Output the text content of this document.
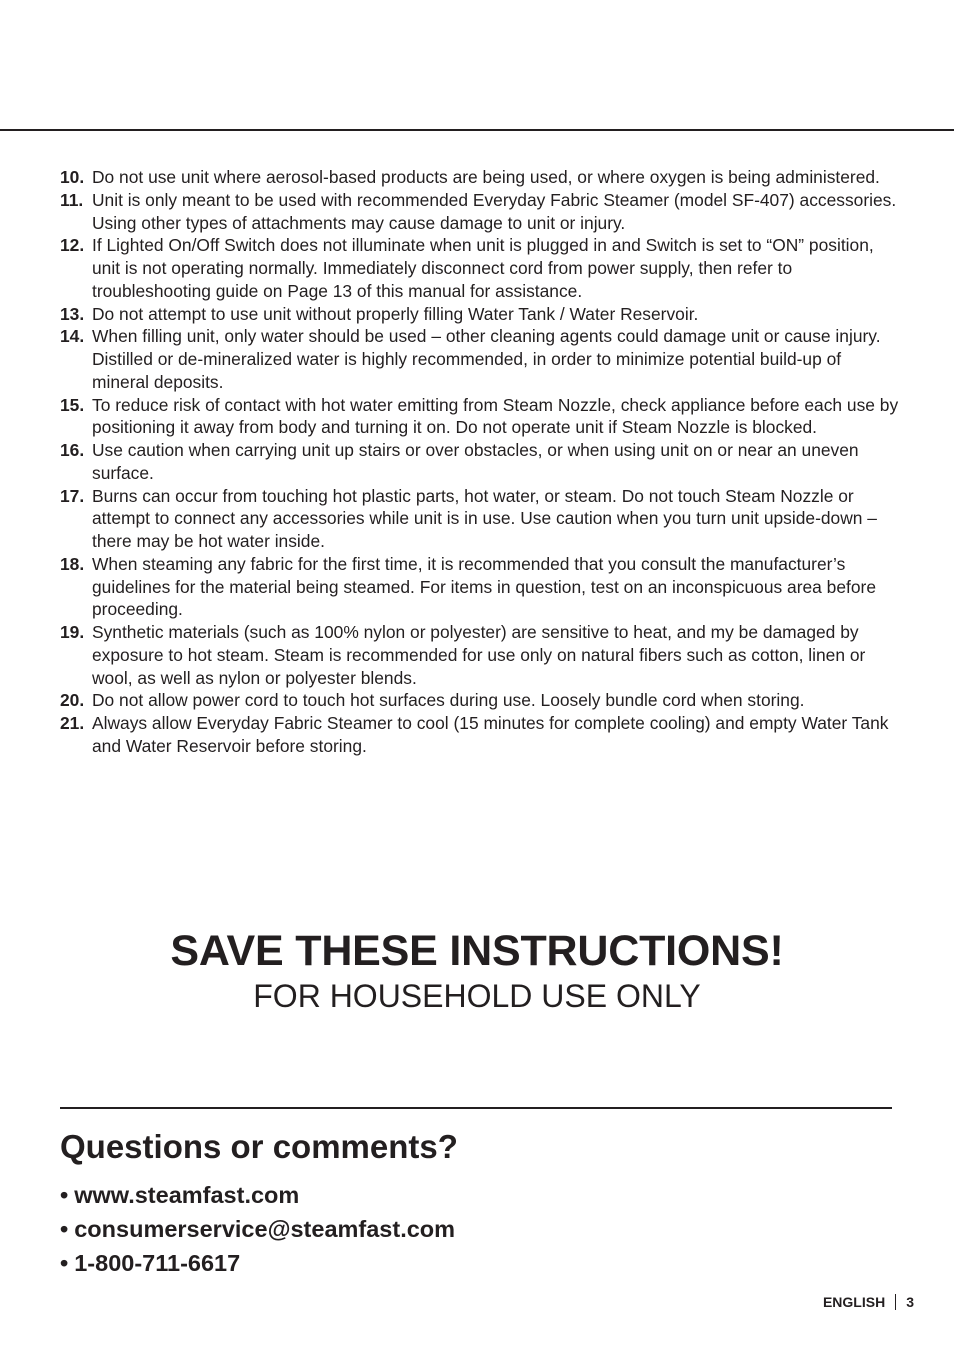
10. Do not use unit where aerosol-based products are being used, or where oxygen is being administered.
11. Unit is only meant to be used with recommended Everyday Fabric Steamer (model SF-407) accessories. Using other types of attachments may cause damage to unit or injury.
12. If Lighted On/Off Switch does not illuminate when unit is plugged in and Switch is set to “ON” position, unit is not operating normally. Immediately disconnect cord from power supply, then refer to troubleshooting guide on Page 13 of this manual for assistance.
13. Do not attempt to use unit without properly filling Water Tank / Water Reservoir.
14. When filling unit, only water should be used – other cleaning agents could damage unit or cause injury. Distilled or de-mineralized water is highly recommended, in order to minimize potential build-up of mineral deposits.
15. To reduce risk of contact with hot water emitting from Steam Nozzle, check appliance before each use by positioning it away from body and turning it on. Do not operate unit if Steam Nozzle is blocked.
16. Use caution when carrying unit up stairs or over obstacles, or when using unit on or near an uneven surface.
17. Burns can occur from touching hot plastic parts, hot water, or steam. Do not touch Steam Nozzle or attempt to connect any accessories while unit is in use. Use caution when you turn unit upside-down – there may be hot water inside.
18. When steaming any fabric for the first time, it is recommended that you consult the manufacturer’s guidelines for the material being steamed. For items in question, test on an inconspicuous area before proceeding.
19. Synthetic materials (such as 100% nylon or polyester) are sensitive to heat, and my be damaged by exposure to hot steam. Steam is recommended for use only on natural fibers such as cotton, linen or wool, as well as nylon or polyester blends.
20. Do not allow power cord to touch hot surfaces during use. Loosely bundle cord when storing.
21. Always allow Everyday Fabric Steamer to cool (15 minutes for complete cooling) and empty Water Tank and Water Reservoir before storing.
SAVE THESE INSTRUCTIONS!
FOR HOUSEHOLD USE ONLY
Questions or comments?
• www.steamfast.com
• consumerservice@steamfast.com
• 1-800-711-6617
ENGLISH 3
